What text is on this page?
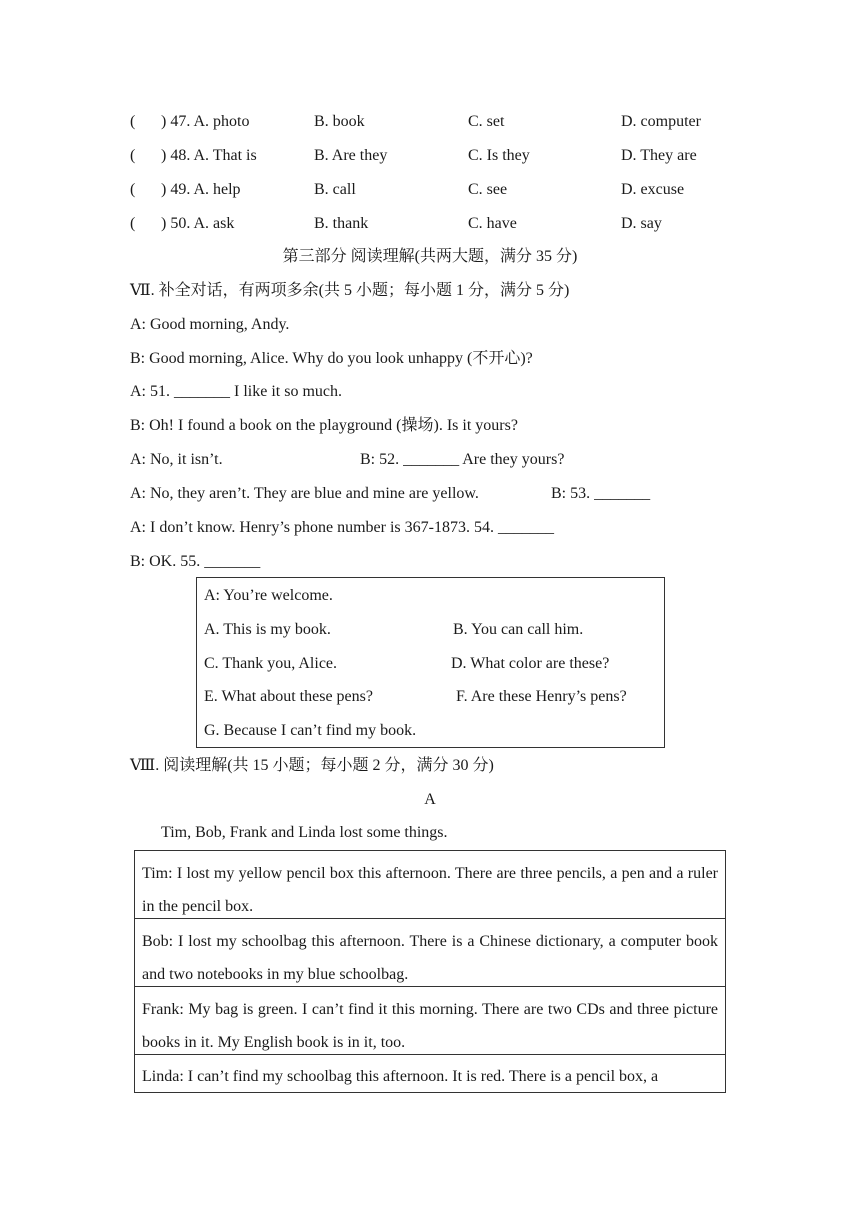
( ) 47. A. photo	B. book	C. set	D. computer
( ) 48. A. That is	B. Are they	C. Is they	D. They are
( ) 49. A. help	B. call	C. see	D. excuse
( ) 50. A. ask	B. thank	C. have	D. say
第三部分 阅读理解(共两大题，满分 35 分)
Ⅶ. 补全对话，有两项多余(共 5 小题；每小题 1 分，满分 5 分)
A: Good morning, Andy.
B: Good morning, Alice. Why do you look unhappy (不开心)?
A: 51. _______ I like it so much.
B: Oh! I found a book on the playground (操场). Is it yours?
A: No, it isn’t.	B: 52. _______ Are they yours?
A: No, they aren’t. They are blue and mine are yellow.	B: 53. _______
A: I don’t know. Henry’s phone number is 367-1873. 54. _______
B: OK. 55. _______
A: You’re welcome.
A. This is my book.	B. You can call him.
C. Thank you, Alice.	D. What color are these?
E. What about these pens?	F. Are these Henry’s pens?
G. Because I can’t find my book.
Ⅷ. 阅读理解(共 15 小题；每小题 2 分，满分 30 分)
A
Tim, Bob, Frank and Linda lost some things.
Tim: I lost my yellow pencil box this afternoon. There are three pencils, a pen and a ruler in the pencil box.
Bob: I lost my schoolbag this afternoon. There is a Chinese dictionary, a computer book and two notebooks in my blue schoolbag.
Frank: My bag is green. I can’t find it this morning. There are two CDs and three picture books in it. My English book is in it, too.
Linda: I can’t find my schoolbag this afternoon. It is red. There is a pencil box, a
